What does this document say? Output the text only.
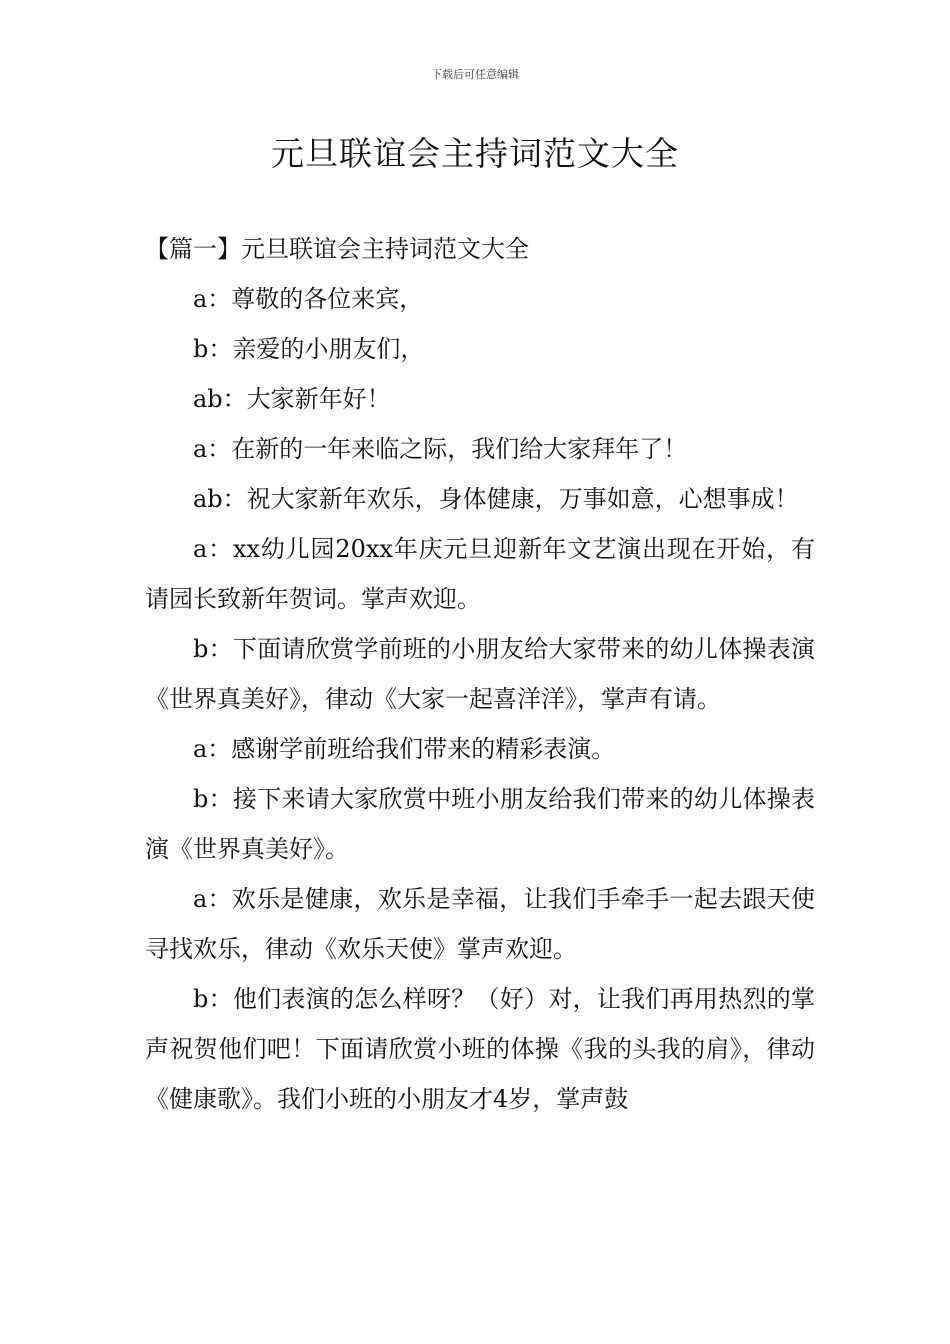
下载后可任意编辑
元旦联谊会主持词范文大全

【篇一】元旦联谊会主持词范文大全

a：尊敬的各位来宾，

b：亲爱的小朋友们，

ab：大家新年好！

a：在新的一年来临之际，我们给大家拜年了！

ab：祝大家新年欢乐，身体健康，万事如意，心想事成！

a：xx幼儿园20xx年庆元旦迎新年文艺演出现在开始，有请园长致新年贺词。掌声欢迎。

b：下面请欣赏学前班的小朋友给大家带来的幼儿体操表演《世界真美好》，律动《大家一起喜洋洋》，掌声有请。

a：感谢学前班给我们带来的精彩表演。

b：接下来请大家欣赏中班小朋友给我们带来的幼儿体操表演《世界真美好》。

a：欢乐是健康，欢乐是幸福，让我们手牵手一起去跟天使寻找欢乐，律动《欢乐天使》掌声欢迎。

b：他们表演的怎么样呀？（好）对，让我们再用热烈的掌声祝贺他们吧！下面请欣赏小班的体操《我的头我的肩》，律动《健康歌》。我们小班的小朋友才4岁，掌声鼓
